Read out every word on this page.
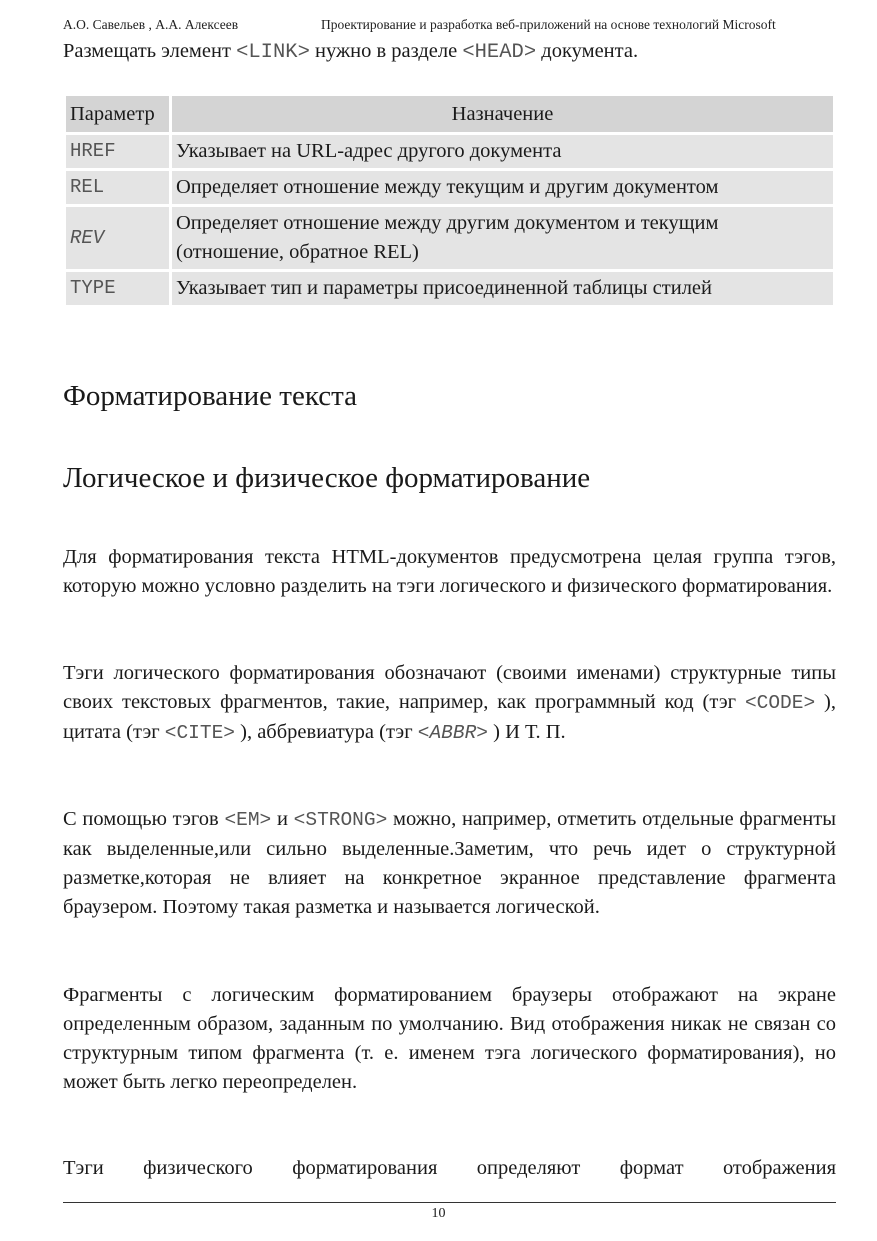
А.О. Савельев , А.А. Алексеев	Проектирование и разработка веб-приложений на основе технологий Microsoft

Размещать элемент <LINK> нужно в разделе <HEAD> документа.

Параметр	Назначение
HREF	Указывает на URL-адрес другого документа
REL	Определяет отношение между текущим и другим документом
REV	Определяет отношение между другим документом и текущим (отношение, обратное REL)
TYPE	Указывает тип и параметры присоединенной таблицы стилей
Форматирование текста
Логическое и физическое форматирование

Для форматирования текста HTML-документов предусмотрена целая группа тэгов, которую можно условно разделить на тэги логического и физического форматирования.

Тэги логического форматирования обозначают (своими именами) структурные типы своих текстовых фрагментов, такие, например, как программный код (тэг <CODE> ), цитата (тэг <CITE> ), аббревиатура (тэг <ABBR> ) И Т. П.

С помощью тэгов <EM> и <STRONG> можно, например, отметить отдельные фрагменты как выделенные,или сильно выделенные.Заметим, что речь идет о структурной разметке,которая не влияет на конкретное экранное представление фрагмента браузером. Поэтому такая разметка и называется логической.

Фрагменты с логическим форматированием браузеры отображают на экране определенным образом, заданным по умолчанию. Вид отображения никак не связан со структурным типом фрагмента (т. е. именем тэга логического форматирования), но может быть легко переопределен.

Тэги физического форматирования определяют формат отображения

10
